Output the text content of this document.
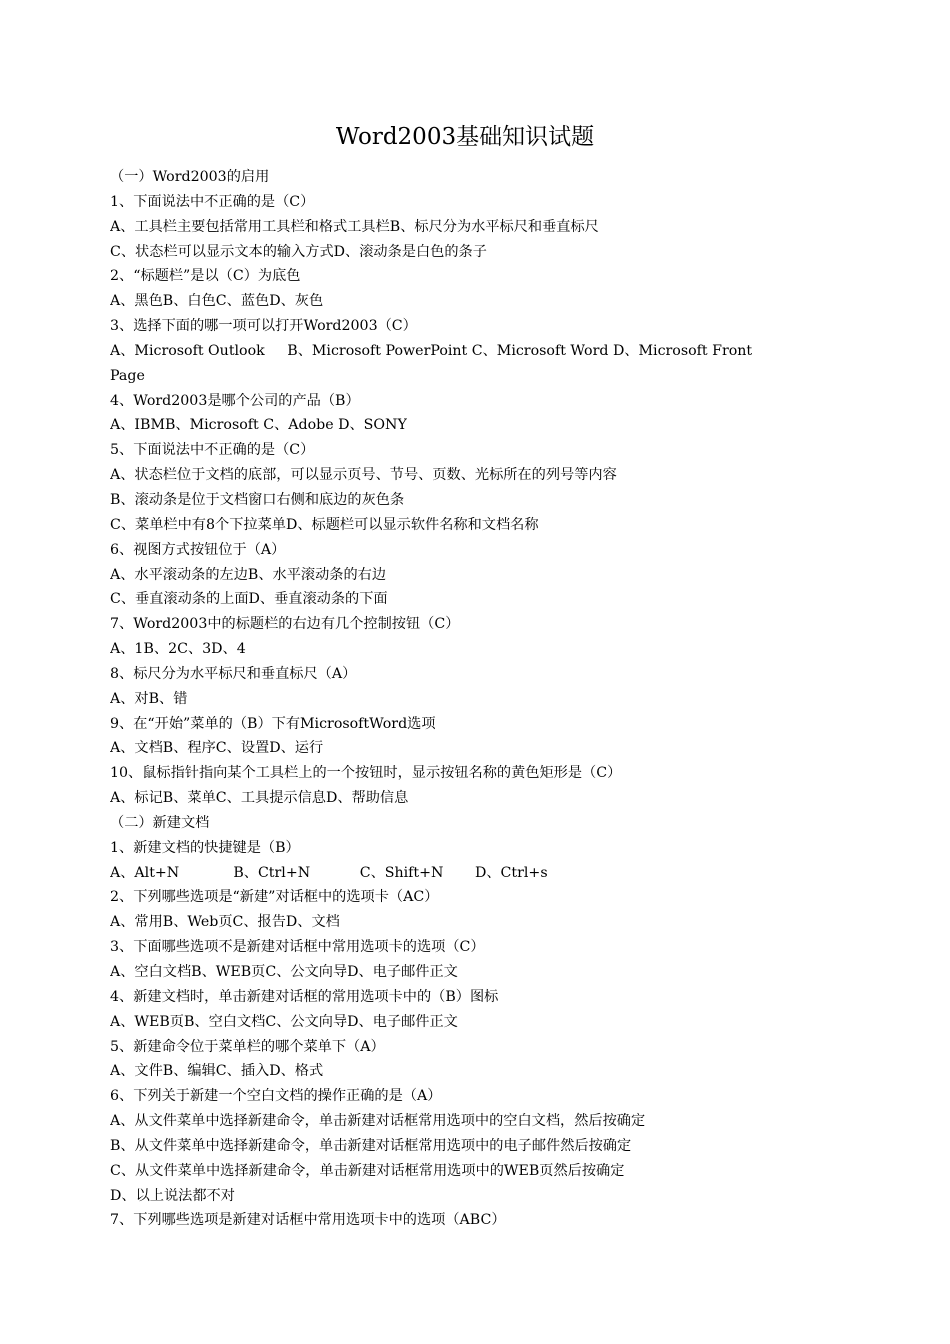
Word2003基础知识试题
（一）Word2003的启用
1、下面说法中不正确的是（C）
A、工具栏主要包括常用工具栏和格式工具栏B、标尺分为水平标尺和垂直标尺
C、状态栏可以显示文本的输入方式D、滚动条是白色的条子
2、“标题栏”是以（C）为底色
A、黑色B、白色C、蓝色D、灰色
3、选择下面的哪一项可以打开Word2003（C）
A、Microsoft Outlook     B、Microsoft PowerPoint C、Microsoft Word D、Microsoft Front
Page
4、Word2003是哪个公司的产品（B）
A、IBMB、Microsoft C、Adobe D、SONY
5、下面说法中不正确的是（C）
A、状态栏位于文档的底部，可以显示页号、节号、页数、光标所在的列号等内容
B、滚动条是位于文档窗口右侧和底边的灰色条
C、菜单栏中有8个下拉菜单D、标题栏可以显示软件名称和文档名称
6、视图方式按钮位于（A）
A、水平滚动条的左边B、水平滚动条的右边
C、垂直滚动条的上面D、垂直滚动条的下面
7、Word2003中的标题栏的右边有几个控制按钮（C）
A、1B、2C、3D、4
8、标尺分为水平标尺和垂直标尺（A）
A、对B、错
9、在“开始”菜单的（B）下有MicrosoftWord选项
A、文档B、程序C、设置D、运行
10、鼠标指针指向某个工具栏上的一个按钮时，显示按钮名称的黄色矩形是（C）
A、标记B、菜单C、工具提示信息D、帮助信息
（二）新建文档
1、新建文档的快捷键是（B）
A、Alt+N            B、Ctrl+N           C、Shift+N       D、Ctrl+s
2、下列哪些选项是“新建”对话框中的选项卡（AC）
A、常用B、Web页C、报告D、文档
3、下面哪些选项不是新建对话框中常用选项卡的选项（C）
A、空白文档B、WEB页C、公文向导D、电子邮件正文
4、新建文档时，单击新建对话框的常用选项卡中的（B）图标
A、WEB页B、空白文档C、公文向导D、电子邮件正文
5、新建命令位于菜单栏的哪个菜单下（A）
A、文件B、编辑C、插入D、格式
6、下列关于新建一个空白文档的操作正确的是（A）
A、从文件菜单中选择新建命令，单击新建对话框常用选项中的空白文档，然后按确定
B、从文件菜单中选择新建命令，单击新建对话框常用选项中的电子邮件然后按确定
C、从文件菜单中选择新建命令，单击新建对话框常用选项中的WEB页然后按确定
D、以上说法都不对
7、下列哪些选项是新建对话框中常用选项卡中的选项（ABC）
